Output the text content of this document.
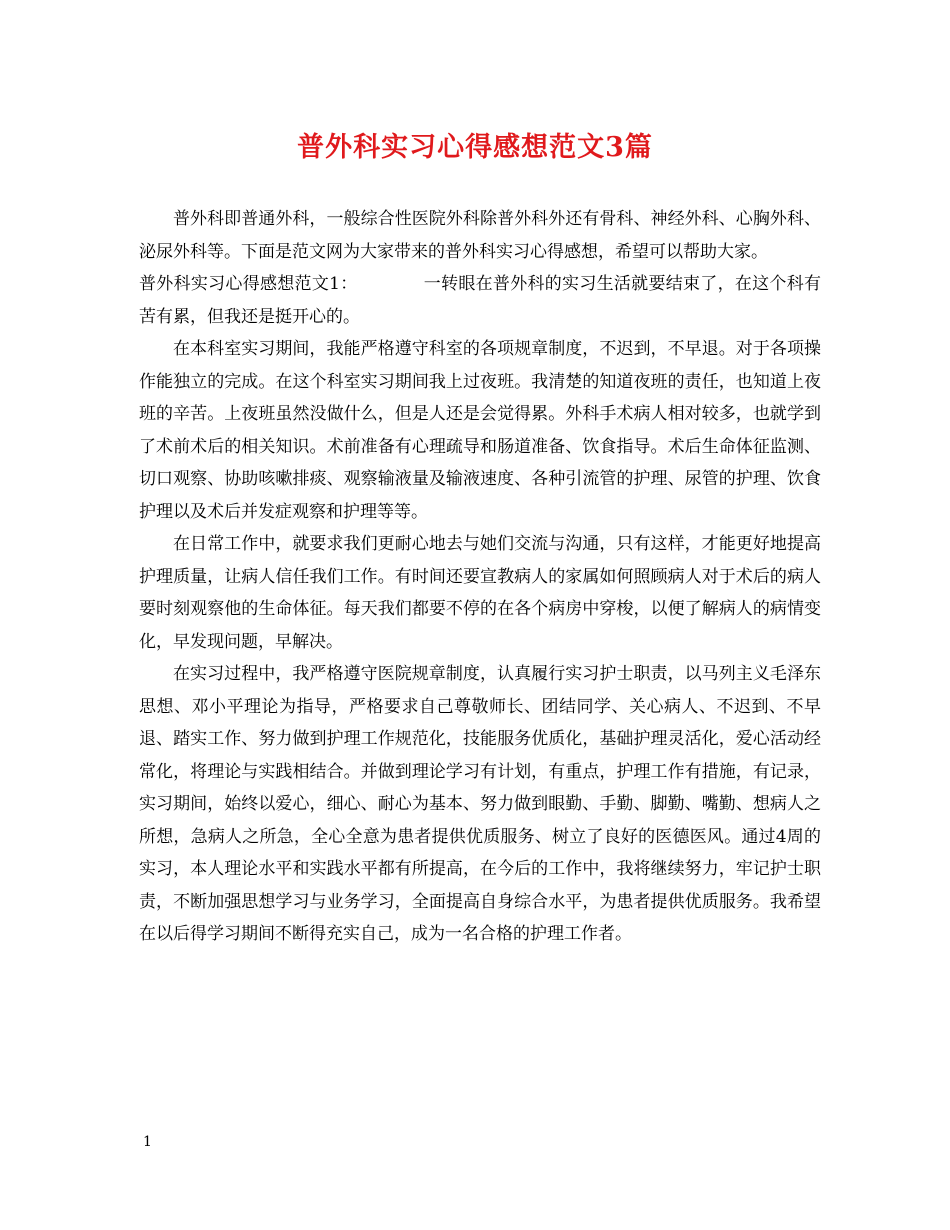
普外科实习心得感想范文3篇

普外科即普通外科，一般综合性医院外科除普外科外还有骨科、神经外科、心胸外科、泌尿外科等。下面是范文网为大家带来的普外科实习心得感想，希望可以帮助大家。

普外科实习心得感想范文1：	一转眼在普外科的实习生活就要结束了，在这个科有苦有累，但我还是挺开心的。

在本科室实习期间，我能严格遵守科室的各项规章制度，不迟到，不早退。对于各项操作能独立的完成。在这个科室实习期间我上过夜班。我清楚的知道夜班的责任，也知道上夜班的辛苦。上夜班虽然没做什么，但是人还是会觉得累。外科手术病人相对较多，也就学到了术前术后的相关知识。术前准备有心理疏导和肠道准备、饮食指导。术后生命体征监测、切口观察、协助咳嗽排痰、观察输液量及输液速度、各种引流管的护理、尿管的护理、饮食护理以及术后并发症观察和护理等等。

在日常工作中，就要求我们更耐心地去与她们交流与沟通，只有这样，才能更好地提高护理质量，让病人信任我们工作。有时间还要宣教病人的家属如何照顾病人对于术后的病人要时刻观察他的生命体征。每天我们都要不停的在各个病房中穿梭，以便了解病人的病情变化，早发现问题，早解决。

在实习过程中，我严格遵守医院规章制度，认真履行实习护士职责，以马列主义毛泽东思想、邓小平理论为指导，严格要求自己尊敬师长、团结同学、关心病人、不迟到、不早退、踏实工作、努力做到护理工作规范化，技能服务优质化，基础护理灵活化，爱心活动经常化，将理论与实践相结合。并做到理论学习有计划，有重点，护理工作有措施，有记录，实习期间，始终以爱心，细心、耐心为基本、努力做到眼勤、手勤、脚勤、嘴勤、想病人之所想，急病人之所急，全心全意为患者提供优质服务、树立了良好的医德医风。通过4周的实习，本人理论水平和实践水平都有所提高，在今后的工作中，我将继续努力，牢记护士职责，不断加强思想学习与业务学习，全面提高自身综合水平，为患者提供优质服务。我希望在以后得学习期间不断得充实自己，成为一名合格的护理工作者。

1
